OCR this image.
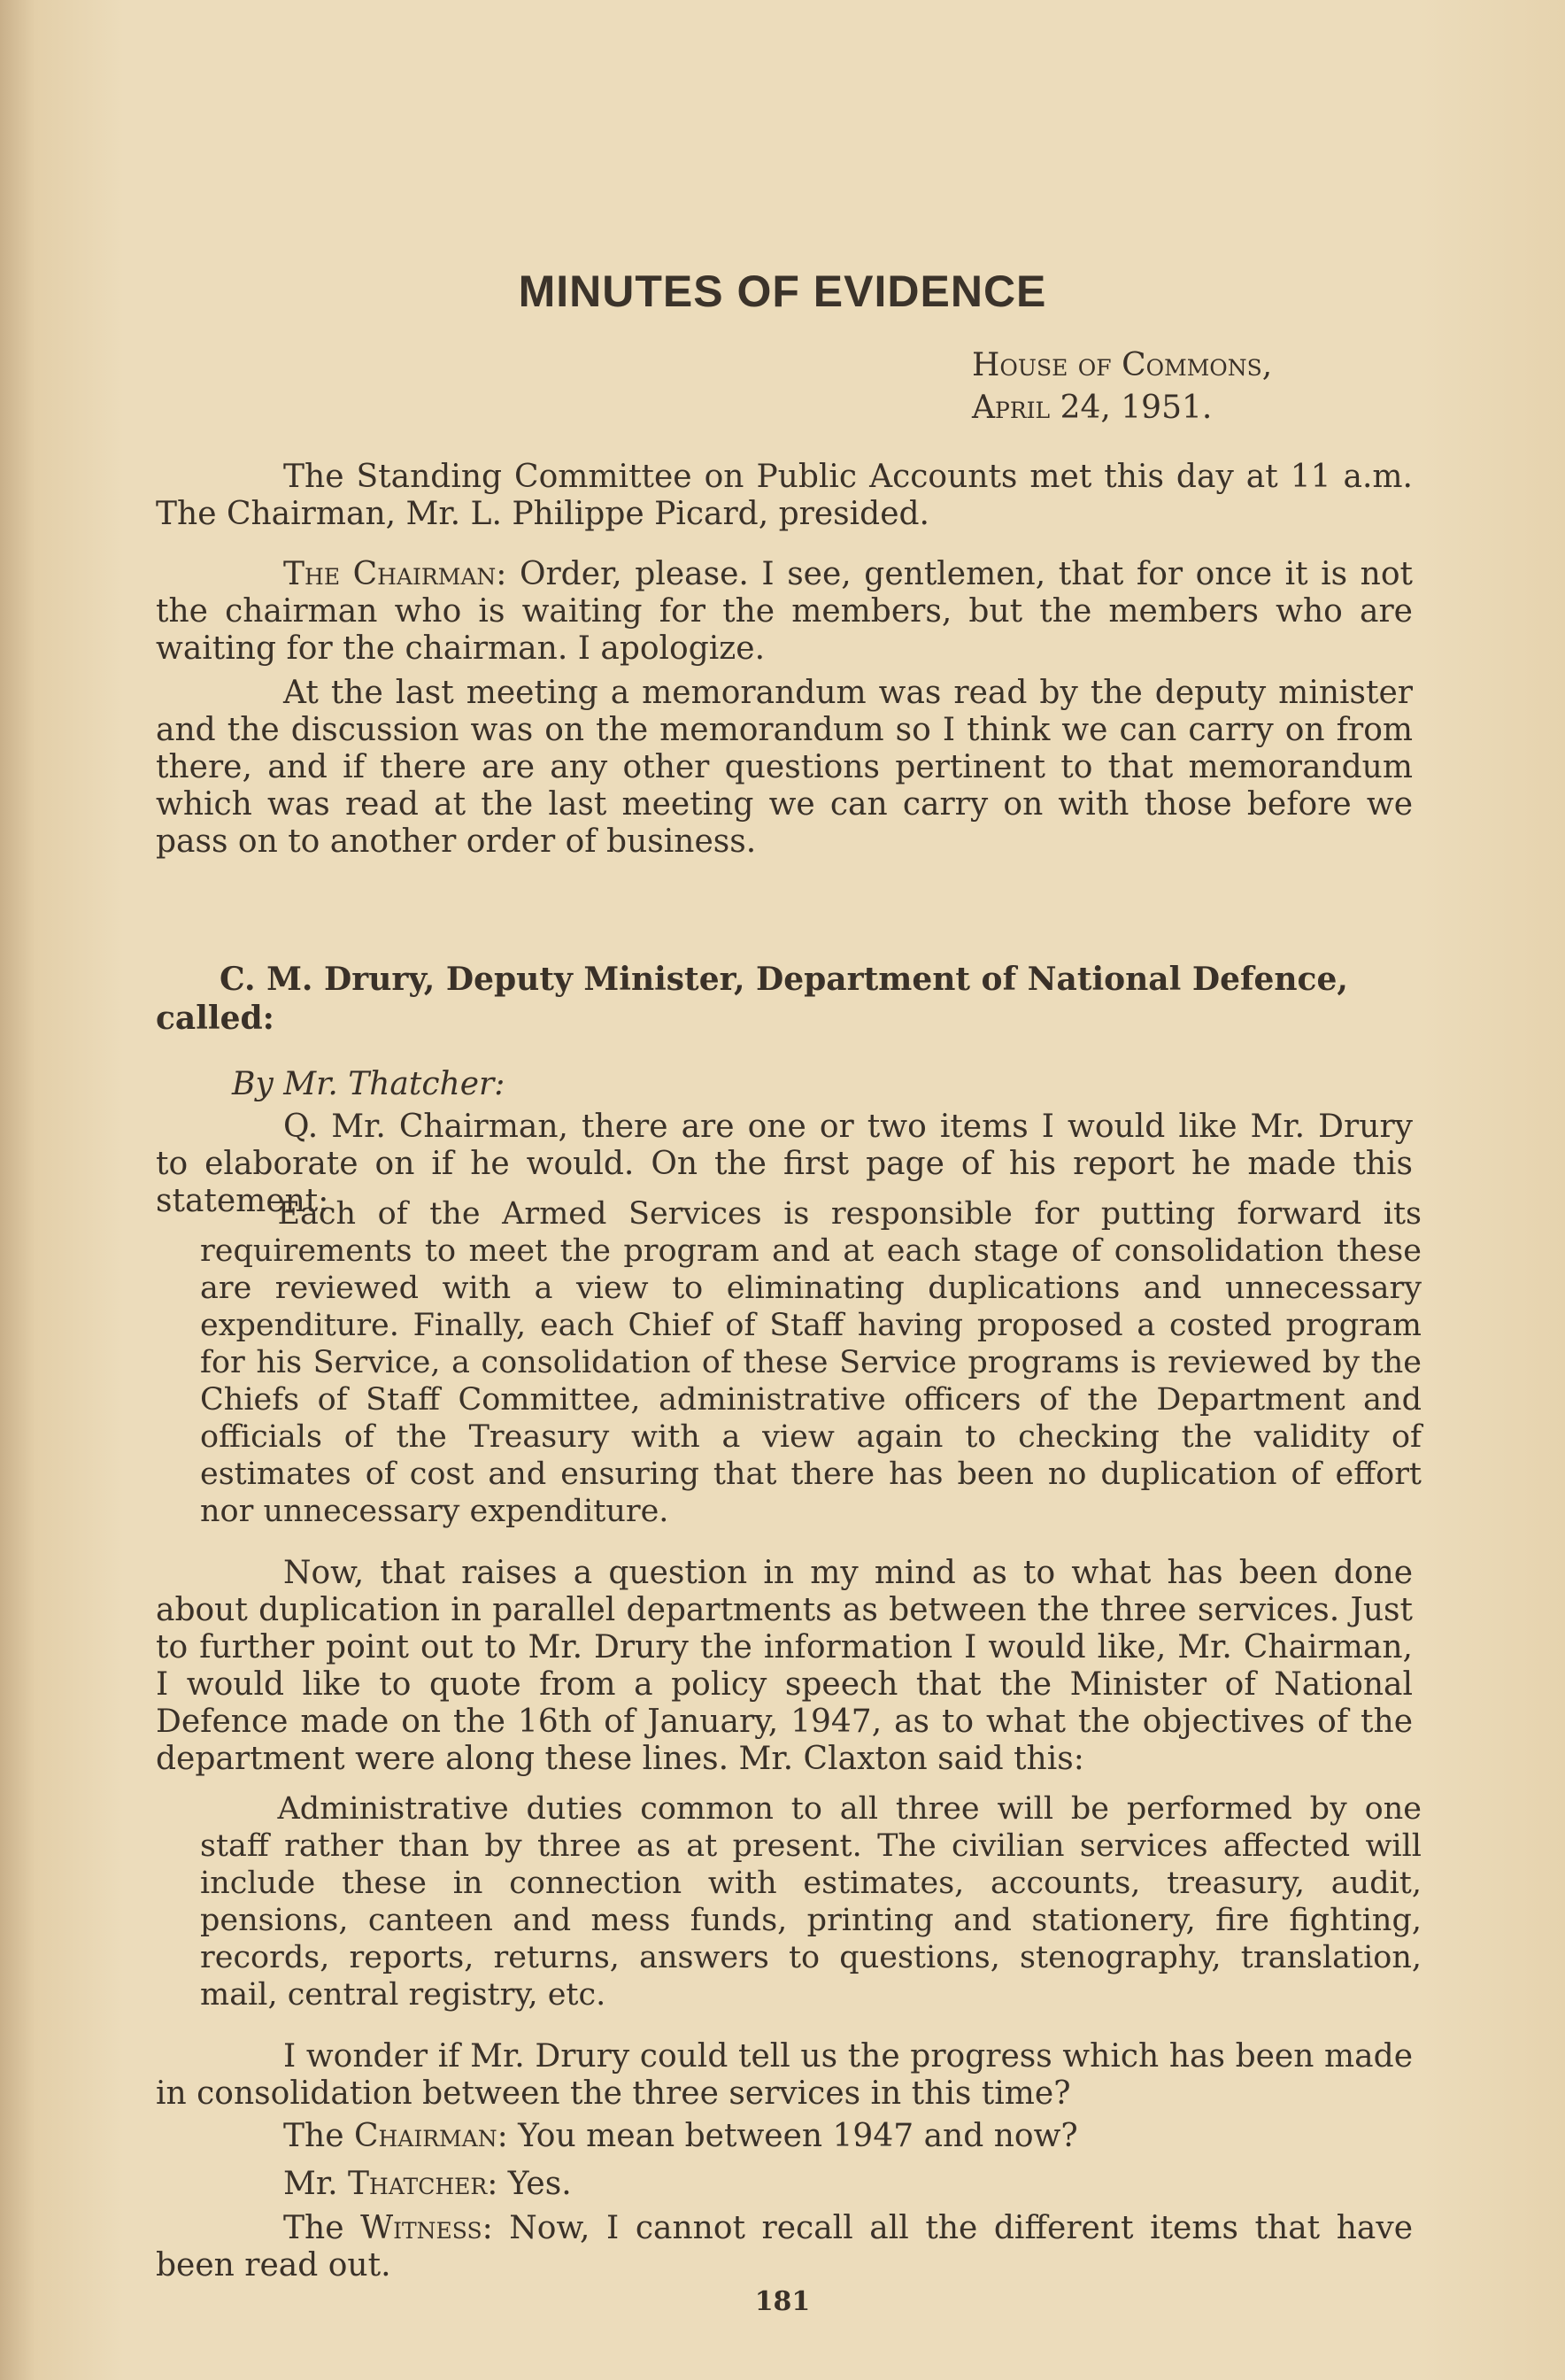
MINUTES OF EVIDENCE
House of Commons,
April 24, 1951.
The Standing Committee on Public Accounts met this day at 11 a.m. The Chairman, Mr. L. Philippe Picard, presided.
The Chairman: Order, please. I see, gentlemen, that for once it is not the chairman who is waiting for the members, but the members who are waiting for the chairman. I apologize.
At the last meeting a memorandum was read by the deputy minister and the discussion was on the memorandum so I think we can carry on from there, and if there are any other questions pertinent to that memorandum which was read at the last meeting we can carry on with those before we pass on to another order of business.
C. M. Drury, Deputy Minister, Department of National Defence, called:
By Mr. Thatcher:
Q. Mr. Chairman, there are one or two items I would like Mr. Drury to elaborate on if he would. On the first page of his report he made this statement:
Each of the Armed Services is responsible for putting forward its requirements to meet the program and at each stage of consolidation these are reviewed with a view to eliminating duplications and unnecessary expenditure. Finally, each Chief of Staff having proposed a costed program for his Service, a consolidation of these Service programs is reviewed by the Chiefs of Staff Committee, administrative officers of the Department and officials of the Treasury with a view again to checking the validity of estimates of cost and ensuring that there has been no duplication of effort nor unnecessary expenditure.
Now, that raises a question in my mind as to what has been done about duplication in parallel departments as between the three services. Just to further point out to Mr. Drury the information I would like, Mr. Chairman, I would like to quote from a policy speech that the Minister of National Defence made on the 16th of January, 1947, as to what the objectives of the department were along these lines. Mr. Claxton said this:
Administrative duties common to all three will be performed by one staff rather than by three as at present. The civilian services affected will include these in connection with estimates, accounts, treasury, audit, pensions, canteen and mess funds, printing and stationery, fire fighting, records, reports, returns, answers to questions, stenography, translation, mail, central registry, etc.
I wonder if Mr. Drury could tell us the progress which has been made in consolidation between the three services in this time?
The Chairman: You mean between 1947 and now?
Mr. Thatcher: Yes.
The Witness: Now, I cannot recall all the different items that have been read out.
181
